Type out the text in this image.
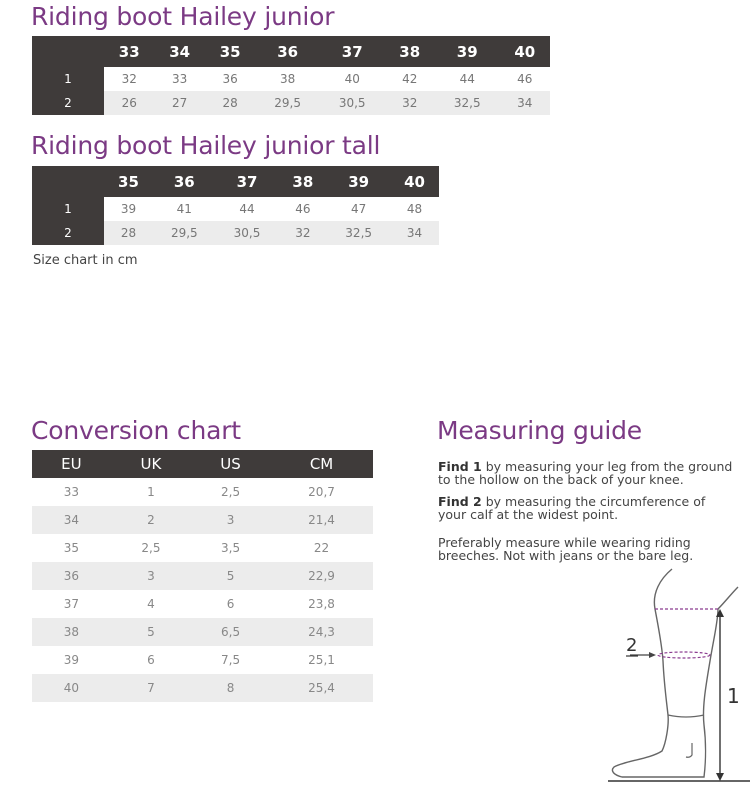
Riding boot Hailey junior
	33	34	35	36	37	38	39	40
1	32	33	36	38	40	42	44	46
2	26	27	28	29,5	30,5	32	32,5	34
Riding boot Hailey junior tall
	35	36	37	38	39	40
1	39	41	44	46	47	48
2	28	29,5	30,5	32	32,5	34
Size chart in cm
Conversion chart
EU	UK	US	CM
33	1	2,5	20,7
34	2	3	21,4
35	2,5	3,5	22
36	3	5	22,9
37	4	6	23,8
38	5	6,5	24,3
39	6	7,5	25,1
40	7	8	25,4
Measuring guide
Find 1 by measuring your leg from the ground
to the hollow on the back of your knee.
Find 2 by measuring the circumference of
your calf at the widest point.
Preferably measure while wearing riding
breeches. Not with jeans or the bare leg.
2
1
